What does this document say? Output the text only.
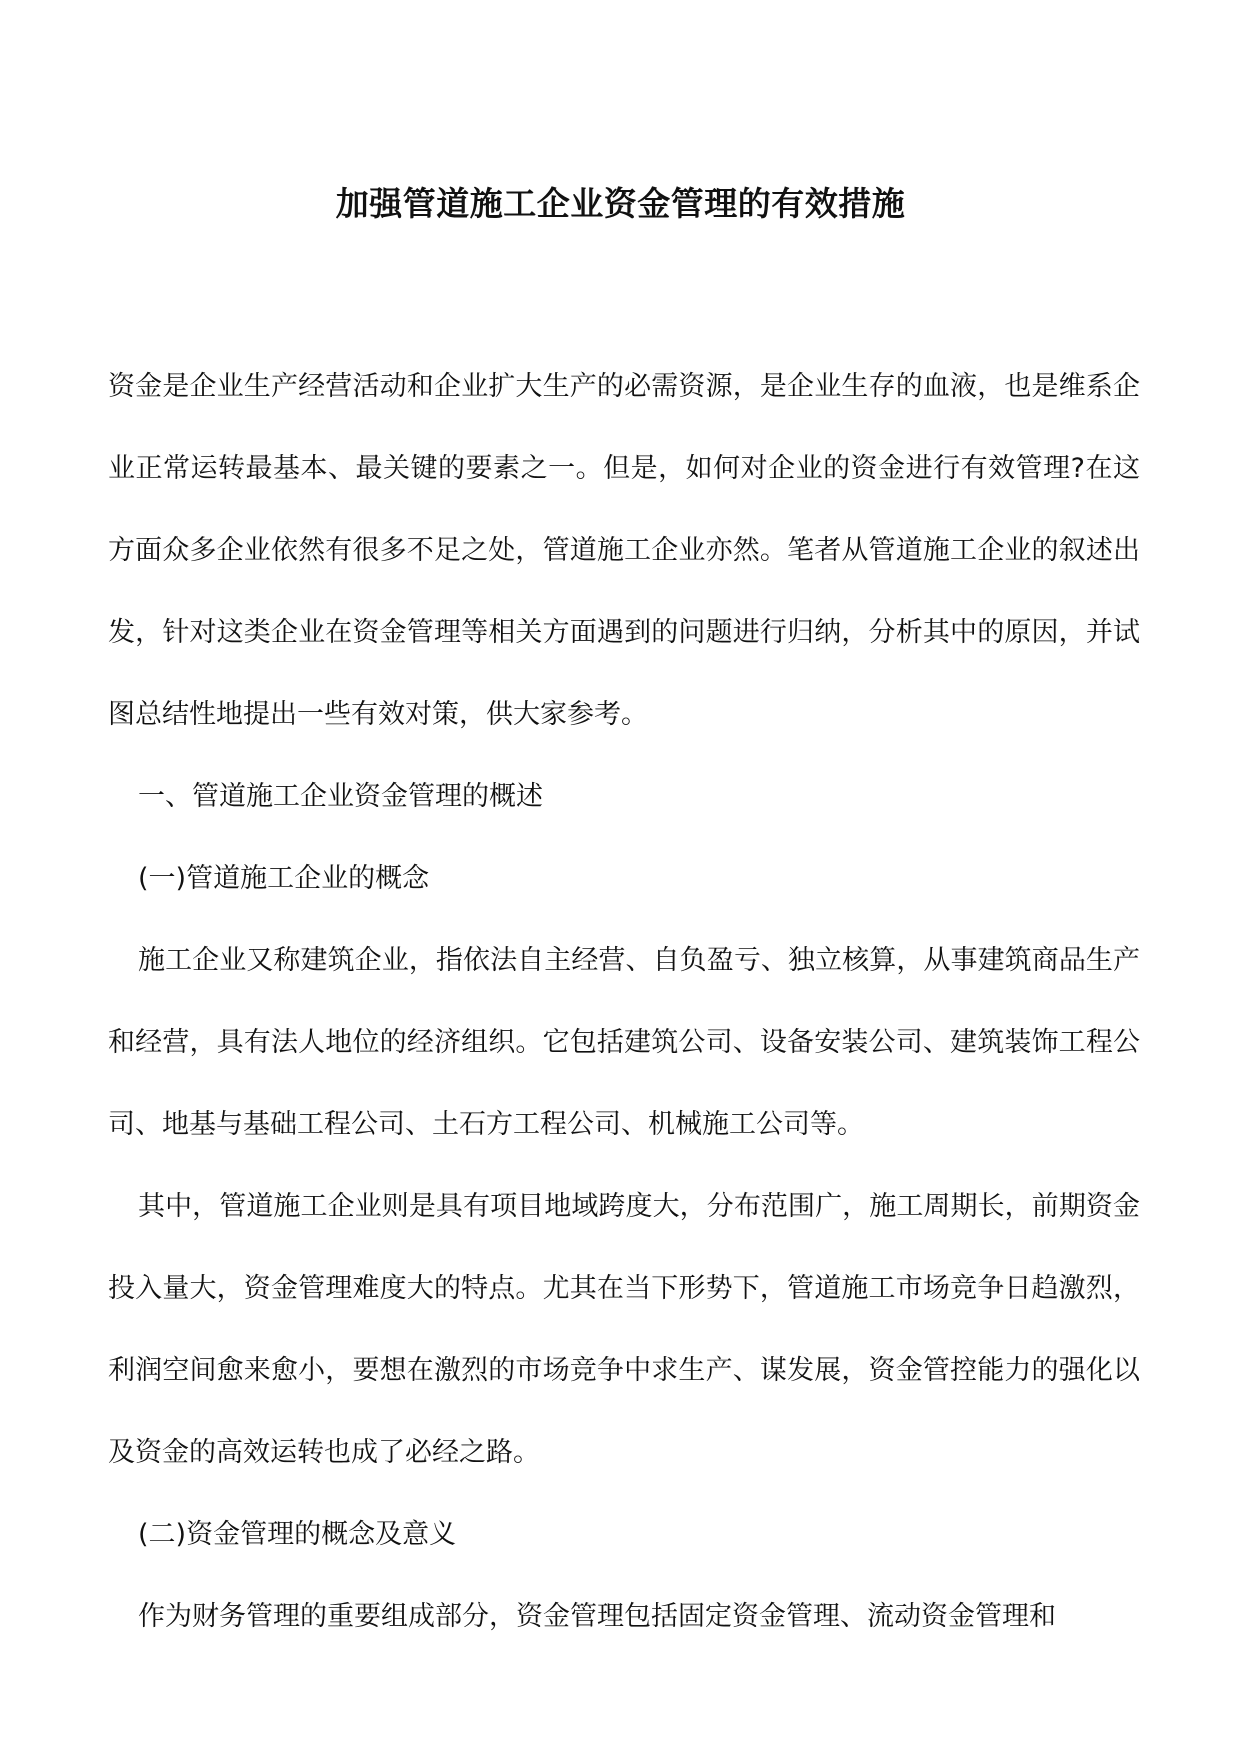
加强管道施工企业资金管理的有效措施

资金是企业生产经营活动和企业扩大生产的必需资源，是企业生存的血液，也是维系企业正常运转最基本、最关键的要素之一。但是，如何对企业的资金进行有效管理?在这方面众多企业依然有很多不足之处，管道施工企业亦然。笔者从管道施工企业的叙述出发，针对这类企业在资金管理等相关方面遇到的问题进行归纳，分析其中的原因，并试图总结性地提出一些有效对策，供大家参考。

一、管道施工企业资金管理的概述

(一)管道施工企业的概念

施工企业又称建筑企业，指依法自主经营、自负盈亏、独立核算，从事建筑商品生产和经营，具有法人地位的经济组织。它包括建筑公司、设备安装公司、建筑装饰工程公司、地基与基础工程公司、土石方工程公司、机械施工公司等。

其中，管道施工企业则是具有项目地域跨度大，分布范围广，施工周期长，前期资金投入量大，资金管理难度大的特点。尤其在当下形势下，管道施工市场竞争日趋激烈，利润空间愈来愈小，要想在激烈的市场竞争中求生产、谋发展，资金管控能力的强化以及资金的高效运转也成了必经之路。

(二)资金管理的概念及意义

作为财务管理的重要组成部分，资金管理包括固定资金管理、流动资金管理和
